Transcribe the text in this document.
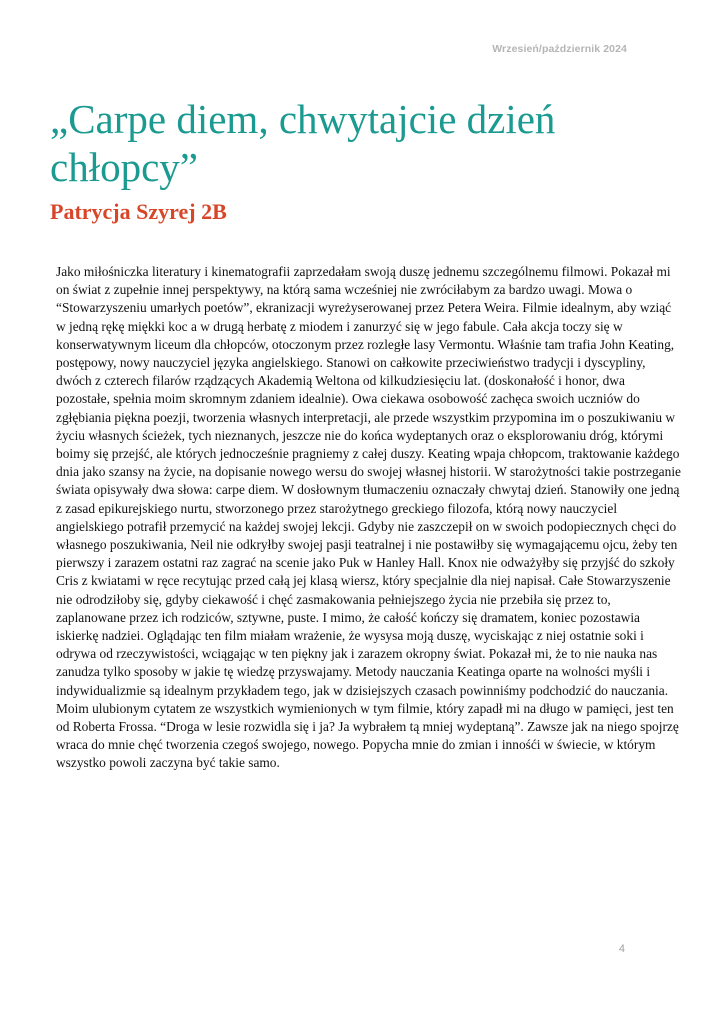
Wrzesień/październik 2024
„Carpe diem, chwytajcie dzień chłopcy”
Patrycja Szyrej 2B

Jako miłośniczka literatury i kinematografii zaprzedałam swoją duszę jednemu szczególnemu filmowi. Pokazał mi on świat z zupełnie innej perspektywy, na którą sama wcześniej nie zwróciłabym za bardzo uwagi. Mowa o “Stowarzyszeniu umarłych poetów”, ekranizacji wyreżyserowanej przez Petera Weira. Filmie idealnym, aby wziąć w jedną rękę miękki koc a w drugą herbatę z miodem i zanurzyć się w jego fabule. Cała akcja toczy się w konserwatywnym liceum dla chłopców, otoczonym przez rozległe lasy Vermontu. Właśnie tam trafia John Keating, postępowy, nowy nauczyciel języka angielskiego. Stanowi on całkowite przeciwieństwo tradycji i dyscypliny, dwóch z czterech filarów rządzących Akademią Weltona od kilkudziesięciu lat. (doskonałość i honor, dwa pozostałe, spełnia moim skromnym zdaniem idealnie). Owa ciekawa osobowość zachęca swoich uczniów do zgłębiania piękna poezji, tworzenia własnych interpretacji, ale przede wszystkim przypomina im o poszukiwaniu w życiu własnych ścieżek, tych nieznanych, jeszcze nie do końca wydeptanych oraz o eksplorowaniu dróg, którymi boimy się przejść, ale których jednocześnie pragniemy z całej duszy. Keating wpaja chłopcom, traktowanie każdego dnia jako szansy na życie, na dopisanie nowego wersu do swojej własnej historii. W starożytności takie postrzeganie świata opisywały dwa słowa: carpe diem. W dosłownym tłumaczeniu oznaczały chwytaj dzień. Stanowiły one jedną z zasad epikurejskiego nurtu, stworzonego przez starożytnego greckiego filozofa, którą nowy nauczyciel angielskiego potrafił przemycić na każdej swojej lekcji. Gdyby nie zaszczepił on w swoich podopiecznych chęci do własnego poszukiwania, Neil nie odkryłby swojej pasji teatralnej i nie postawiłby się wymagającemu ojcu, żeby ten pierwszy i zarazem ostatni raz zagrać na scenie jako Puk w Hanley Hall. Knox nie odważyłby się przyjść do szkoły Cris z kwiatami w ręce recytując przed całą jej klasą wiersz, który specjalnie dla niej napisał. Całe Stowarzyszenie nie odrodziłoby się, gdyby ciekawość i chęć zasmakowania pełniejszego życia nie przebiła się przez to, zaplanowane przez ich rodziców, sztywne, puste. I mimo, że całość kończy się dramatem, koniec pozostawia iskierkę nadziei. Oglądając ten film miałam wrażenie, że wysysa moją duszę, wyciskając z niej ostatnie soki i odrywa od rzeczywistości, wciągając w ten piękny jak i zarazem okropny świat. Pokazał mi, że to nie nauka nas zanudza tylko sposoby w jakie tę wiedzę przyswajamy. Metody nauczania Keatinga oparte na wolności myśli i indywidualizmie są idealnym przykładem tego, jak w dzisiejszych czasach powinniśmy podchodzić do nauczania. Moim ulubionym cytatem ze wszystkich wymienionych w tym filmie, który zapadł mi na długo w pamięci, jest ten od Roberta Frossa. “Droga w lesie rozwidla się i ja? Ja wybrałem tą mniej wydeptaną”. Zawsze jak na niego spojrzę wraca do mnie chęć tworzenia czegoś swojego, nowego. Popycha mnie do zmian i innośći w świecie, w którym wszystko powoli zaczyna być takie samo.

4
